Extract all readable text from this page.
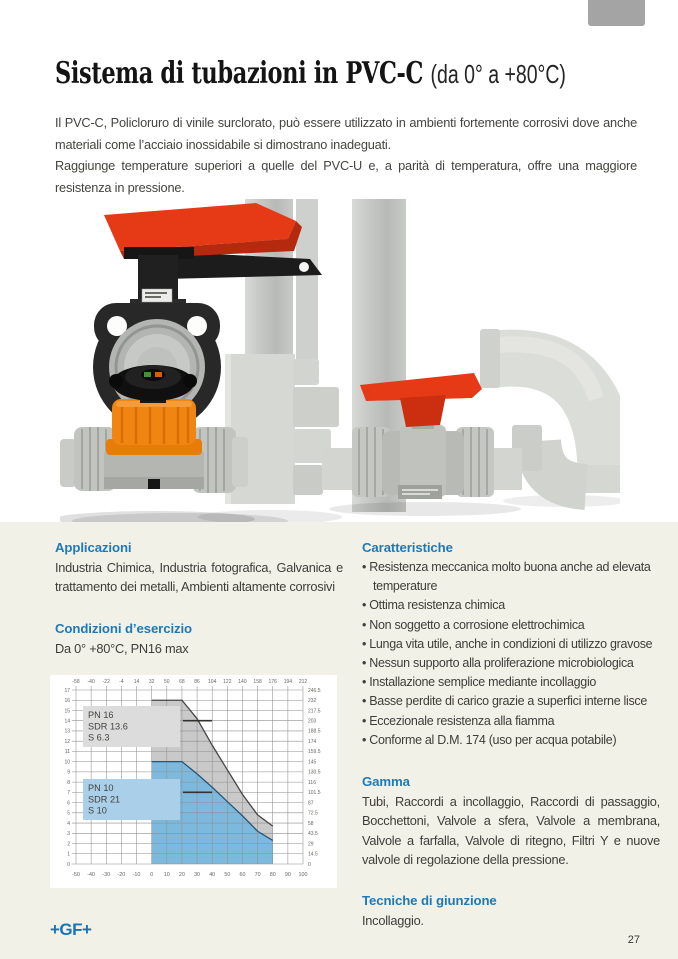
Sistema di tubazioni in PVC-C (da 0° a +80°C)

Il PVC-C, Policloruro di vinile surclorato, può essere utilizzato in ambienti fortemente corrosivi dove anche materiali come l’acciaio inossidabile si dimostrano inadeguati.

Raggiunge temperature superiori a quelle del PVC-U e, a parità di temperatura, offre una maggiore resistenza in pressione.

Applicazioni

Industria Chimica, Industria fotografica, Galvanica e trattamento dei metalli, Ambienti altamente corrosivi

Condizioni d’esercizio

Da 0° +80°C, PN16 max

-58 -40 -22 -4 14 32 50 68 86 104 122 140 158 176 194 212
-50 -40 -30 -20 -10 0 10 20 30 40 50 60 70 80 90 100
17
16
15
14
13
12
11
10
9
8
7
6
5
4
3
2
1
0
246.5
232
217.5
203
188.5
174
159.5
145
130.5
116
101.5
87
72.5
58
43.5
29
14.5
0
PN 16
SDR 13.6
S 6.3
PN 10
SDR 21
S 10

Caratteristiche

• Resistenza meccanica molto buona anche ad elevata temperature
• Ottima resistenza chimica
• Non soggetto a corrosione elettrochimica
• Lunga vita utile, anche in condizioni di utilizzo gravose
• Nessun supporto alla proliferazione microbiologica
• Installazione semplice mediante incollaggio
• Basse perdite di carico grazie a superfici interne lisce
• Eccezionale resistenza alla fiamma
• Conforme al D.M. 174 (uso per acqua potabile)

Gamma

Tubi, Raccordi a incollaggio, Raccordi di passaggio, Bocchettoni, Valvole a sfera, Valvole a membrana, Valvole a farfalla, Valvole di ritegno, Filtri Y e nuove valvole di regolazione della pressione.

Tecniche di giunzione

Incollaggio.

+GF+
27
